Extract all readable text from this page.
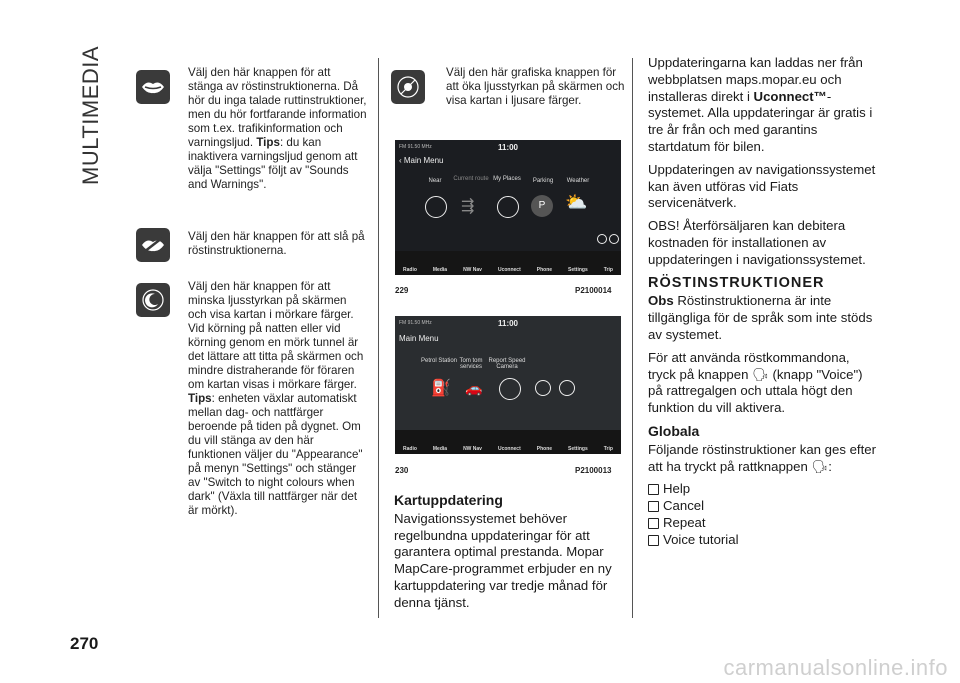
MULTIMEDIA
270
Välj den här knappen för att stänga av röstinstruktionerna. Då hör du inga talade ruttinstruktioner, men du hör fortfarande information som t.ex. trafikinformation och varningsljud. Tips: du kan inaktivera varningsljud genom att välja "Settings" följt av "Sounds and Warnings".
Välj den här knappen för att slå på röstinstruktionerna.
Välj den här knappen för att minska ljusstyrkan på skärmen och visa kartan i mörkare färger. Vid körning på natten eller vid körning genom en mörk tunnel är det lättare att titta på skärmen och mindre distraherande för föraren om kartan visas i mörkare färger. Tips: enheten växlar automatiskt mellan dag- och nattfärger beroende på tiden på dygnet. Om du vill stänga av den här funktionen väljer du "Appearance" på menyn "Settings" och stänger av "Switch to night colours when dark" (Växla till nattfärger när det är mörkt).
Välj den här grafiska knappen för att öka ljusstyrkan på skärmen och visa kartan i ljusare färger.
FM 91.50 MHz	11:00
‹ Main Menu
Near	Current route My Places	Parking	Weather
⇶	P	⛅
Radio	Media	NW Nav	Uconnect	Phone	Settings	Trip
229	P2100014
FM 91.50 MHz	11:00
Main Menu
Petrol Station Tom tom services
Report Speed Camera
⛽ 🚗
Radio	Media	NW Nav	Uconnect	Phone	Settings	Trip
230	P2100013
Kartuppdatering
Navigationssystemet behöver regelbundna uppdateringar för att garantera optimal prestanda. Mopar MapCare-programmet erbjuder en ny kartuppdatering var tredje månad för denna tjänst.

Uppdateringarna kan laddas ner från webbplatsen maps.mopar.eu och installeras direkt i Uconnect™-systemet. Alla uppdateringar är gratis i tre år från och med garantins startdatum för bilen.

Uppdateringen av navigationssystemet kan även utföras vid Fiats servicenätverk.

OBS! Återförsäljaren kan debitera kostnaden för installationen av uppdateringen i navigationssystemet.

RÖSTINSTRUKTIONER

Obs Röstinstruktionerna är inte tillgängliga för de språk som inte stöds av systemet.

För att använda röstkommandona, tryck på knappen 🗣 (knapp "Voice") på rattregalgen och uttala högt den funktion du vill aktivera.

Globala

Följande röstinstruktioner kan ges efter att ha tryckt på rattknappen 🗣:

Help
Cancel
Repeat
Voice tutorial
carmanualsonline.info
